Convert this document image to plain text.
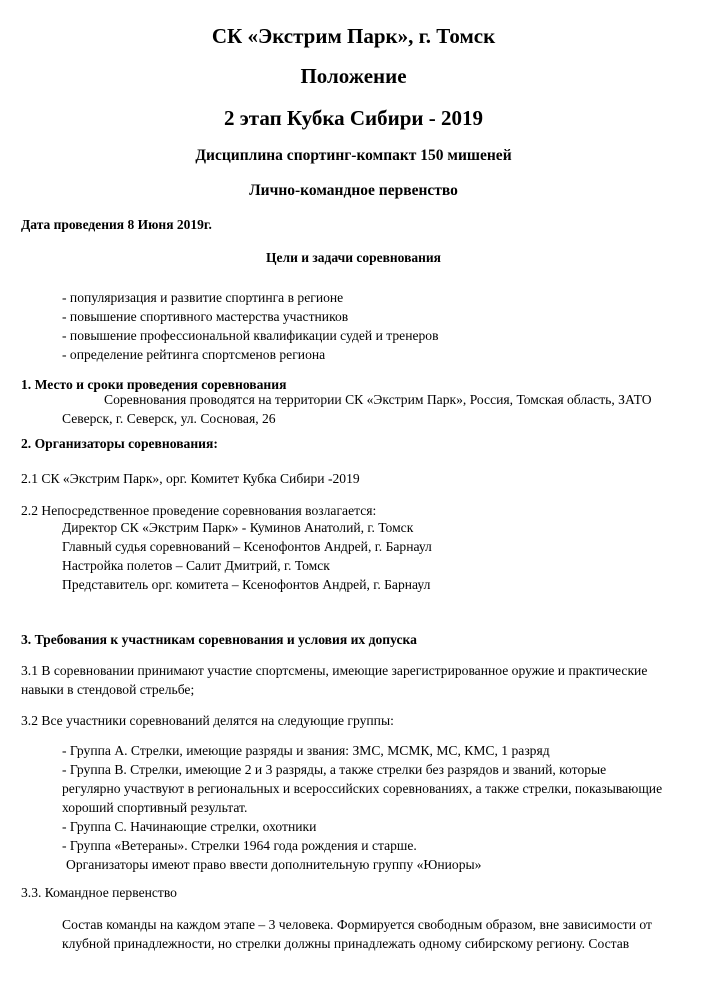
СК «Экстрим Парк», г. Томск
Положение
2 этап Кубка Сибири - 2019
Дисциплина спортинг-компакт 150 мишеней
Лично-командное первенство
Дата проведения 8 Июня 2019г.
Цели и задачи соревнования
- популяризация и развитие спортинга в регионе
- повышение спортивного мастерства участников
- повышение профессиональной квалификации судей и тренеров
- определение рейтинга спортсменов региона
1. Место и сроки проведения соревнования
Соревнования проводятся на территории СК «Экстрим Парк», Россия, Томская область, ЗАТО
Северск, г. Северск, ул. Сосновая, 26
2. Организаторы соревнования:
2.1 СК «Экстрим Парк», орг. Комитет Кубка Сибири -2019
2.2 Непосредственное проведение соревнования возлагается:
Директор СК «Экстрим Парк» - Куминов Анатолий, г. Томск
Главный судья соревнований – Ксенофонтов Андрей, г. Барнаул
Настройка полетов – Салит Дмитрий, г. Томск
Представитель орг. комитета – Ксенофонтов Андрей, г. Барнаул
3. Требования к участникам соревнования и условия их допуска
3.1 В соревновании принимают участие спортсмены, имеющие зарегистрированное оружие и практические
навыки в стендовой стрельбе;
3.2 Все участники соревнований делятся на следующие группы:
- Группа А. Стрелки, имеющие разряды и звания: ЗМС, МСМК, МС, КМС, 1 разряд
- Группа В. Стрелки, имеющие 2 и 3 разряды, а также стрелки без разрядов и званий, которые
регулярно участвуют в региональных и всероссийских соревнованиях, а также стрелки, показывающие
хороший спортивный результат.
- Группа С. Начинающие стрелки, охотники
- Группа «Ветераны». Стрелки 1964 года рождения и старше.
Организаторы имеют право ввести дополнительную группу «Юниоры»
3.3. Командное первенство
Состав команды на каждом этапе – 3 человека. Формируется свободным образом, вне зависимости от
клубной принадлежности, но стрелки должны принадлежать одному сибирскому региону. Состав
